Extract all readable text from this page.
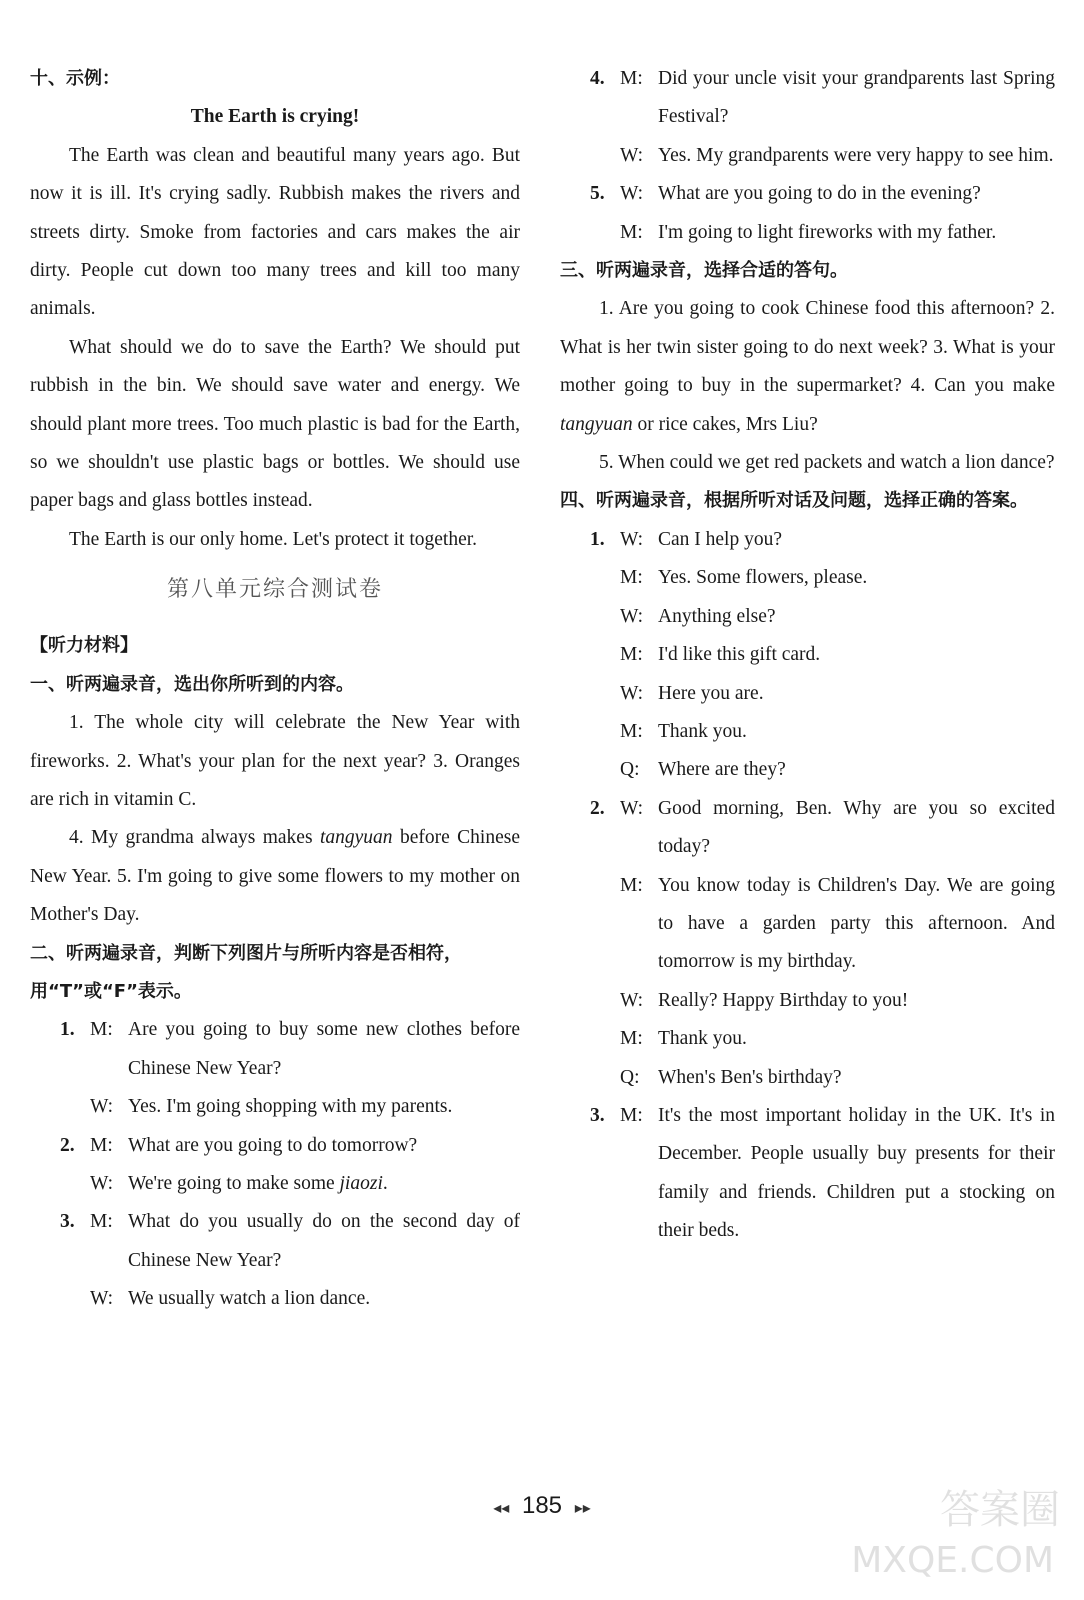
十、示例：

The Earth is crying!

The Earth was clean and beautiful many years ago. But now it is ill. It's crying sadly. Rubbish makes the rivers and streets dirty. Smoke from factories and cars makes the air dirty. People cut down too many trees and kill too many animals.

What should we do to save the Earth? We should put rubbish in the bin. We should save water and energy. We should plant more trees. Too much plastic is bad for the Earth, so we shouldn't use plastic bags or bottles. We should use paper bags and glass bottles instead.

The Earth is our only home. Let's protect it together.

第八单元综合测试卷

【听力材料】

一、听两遍录音，选出你所听到的内容。

1. The whole city will celebrate the New Year with fireworks. 2. What's your plan for the next year? 3. Oranges are rich in vitamin C.

4. My grandma always makes tangyuan before Chinese New Year. 5. I'm going to give some flowers to my mother on Mother's Day.

二、听两遍录音，判断下列图片与所听内容是否相符，用“T”或“F”表示。

1. M: Are you going to buy some new clothes before Chinese New Year?
W: Yes. I'm going shopping with my parents.
2. M: What are you going to do tomorrow?
W: We're going to make some jiaozi.
3. M: What do you usually do on the second day of Chinese New Year?
W: We usually watch a lion dance.
4. M: Did your uncle visit your grandparents last Spring Festival?
W: Yes. My grandparents were very happy to see him.
5. W: What are you going to do in the evening?
M: I'm going to light fireworks with my father.

三、听两遍录音，选择合适的答句。

1. Are you going to cook Chinese food this afternoon? 2. What is her twin sister going to do next week? 3. What is your mother going to buy in the supermarket? 4. Can you make tangyuan or rice cakes, Mrs Liu?

5. When could we get red packets and watch a lion dance?

四、听两遍录音，根据所听对话及问题，选择正确的答案。

1. W: Can I help you?
M: Yes. Some flowers, please.
W: Anything else?
M: I'd like this gift card.
W: Here you are.
M: Thank you.
Q: Where are they?
2. W: Good morning, Ben. Why are you so excited today?
M: You know today is Children's Day. We are going to have a garden party this afternoon. And tomorrow is my birthday.
W: Really? Happy Birthday to you!
M: Thank you.
Q: When's Ben's birthday?
3. M: It's the most important holiday in the UK. It's in December. People usually buy presents for their family and friends. Children put a stocking on their beds.
◂◂ 185 ▸▸	答案圈
MXQE.COM
